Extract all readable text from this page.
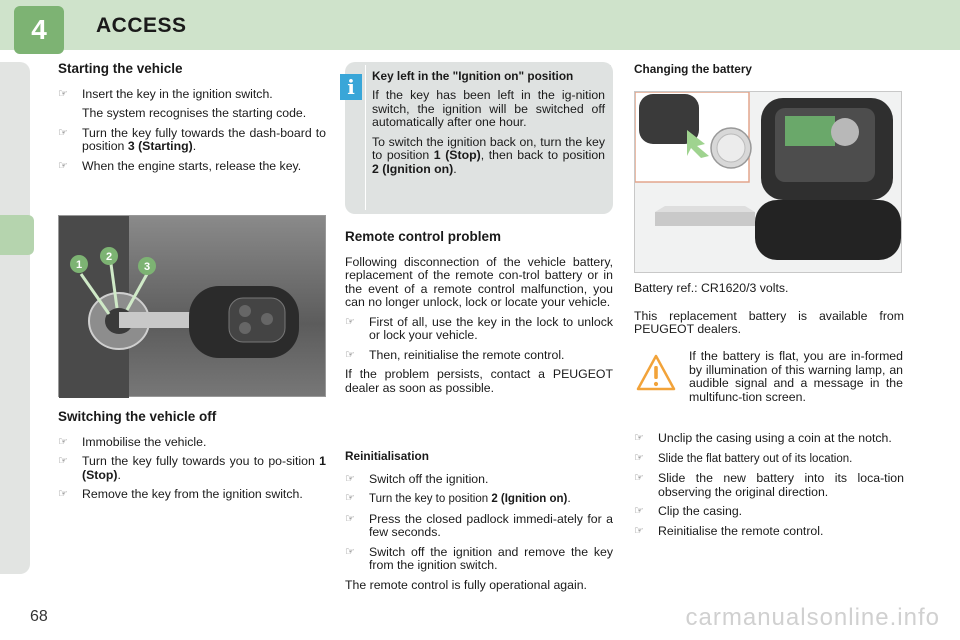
4	ACCESS
Starting the vehicle
☞ Insert the key in the ignition switch.
The system recognises the starting code.
☞ Turn the key fully towards the dash-board to position 3 (Starting).
☞ When the engine starts, release the key.
1
2
3
Switching the vehicle off
☞ Immobilise the vehicle.
☞ Turn the key fully towards you to po-sition 1 (Stop).
☞ Remove the key from the ignition switch.
Key left in the "Ignition on" position

If the key has been left in the ig-nition switch, the ignition will be switched off automatically after one hour.

To switch the ignition back on, turn the key to position 1 (Stop), then back to position 2 (Ignition on).

i
Remote control problem

Following disconnection of the vehicle battery, replacement of the remote con-trol battery or in the event of a remote control malfunction, you can no longer unlock, lock or locate your vehicle.

☞ First of all, use the key in the lock to unlock or lock your vehicle.
☞ Then, reinitialise the remote control.

If the problem persists, contact a PEUGEOT dealer as soon as possible.

Reinitialisation
☞ Switch off the ignition.
☞ Turn the key to position 2 (Ignition on).
☞ Press the closed padlock immedi-ately for a few seconds.
☞ Switch off the ignition and remove the key from the ignition switch.

The remote control is fully operational again.

Changing the battery

Battery ref.: CR1620/3 volts.

This replacement battery is available from PEUGEOT dealers.

If the battery is flat, you are in-formed by illumination of this warning lamp, an audible signal and a message in the multifunc-tion screen.

☞ Unclip the casing using a coin at the notch.
☞ Slide the flat battery out of its location.
☞ Slide the new battery into its loca-tion observing the original direction.
☞ Clip the casing.
☞ Reinitialise the remote control.
68	carmanualsonline.info
